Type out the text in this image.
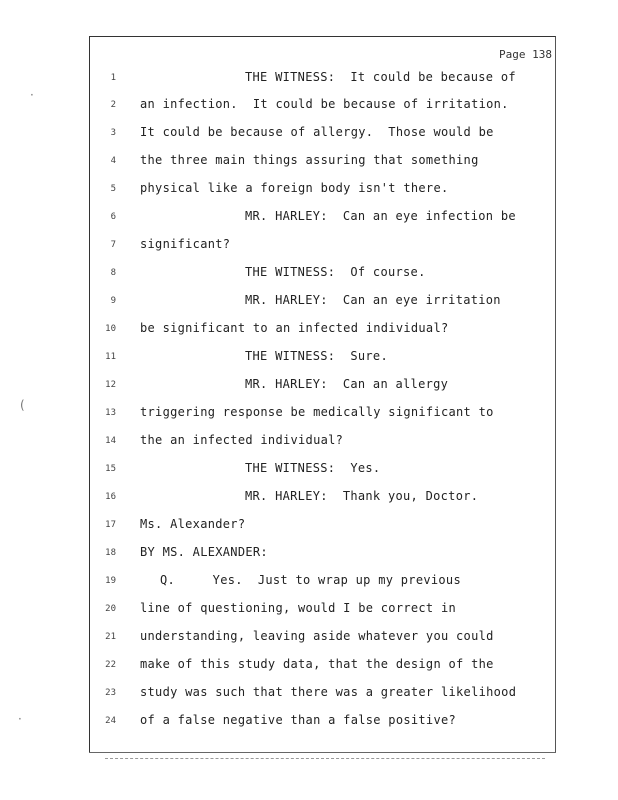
·
(
·
Page 138
1	THE WITNESS:  It could be because of
2 an infection.  It could be because of irritation.
3 It could be because of allergy.  Those would be
4 the three main things assuring that something
5 physical like a foreign body isn't there.
6	MR. HARLEY:  Can an eye infection be
7 significant?
8	THE WITNESS:  Of course.
9	MR. HARLEY:  Can an eye irritation
10 be significant to an infected individual?
11	THE WITNESS:  Sure.
12	MR. HARLEY:  Can an allergy
13 triggering response be medically significant to
14 the an infected individual?
15	THE WITNESS:  Yes.
16	MR. HARLEY:  Thank you, Doctor.
17 Ms. Alexander?
18 BY MS. ALEXANDER:
19	Q.     Yes.  Just to wrap up my previous
20 line of questioning, would I be correct in
21 understanding, leaving aside whatever you could
22 make of this study data, that the design of the
23 study was such that there was a greater likelihood
24 of a false negative than a false positive?
